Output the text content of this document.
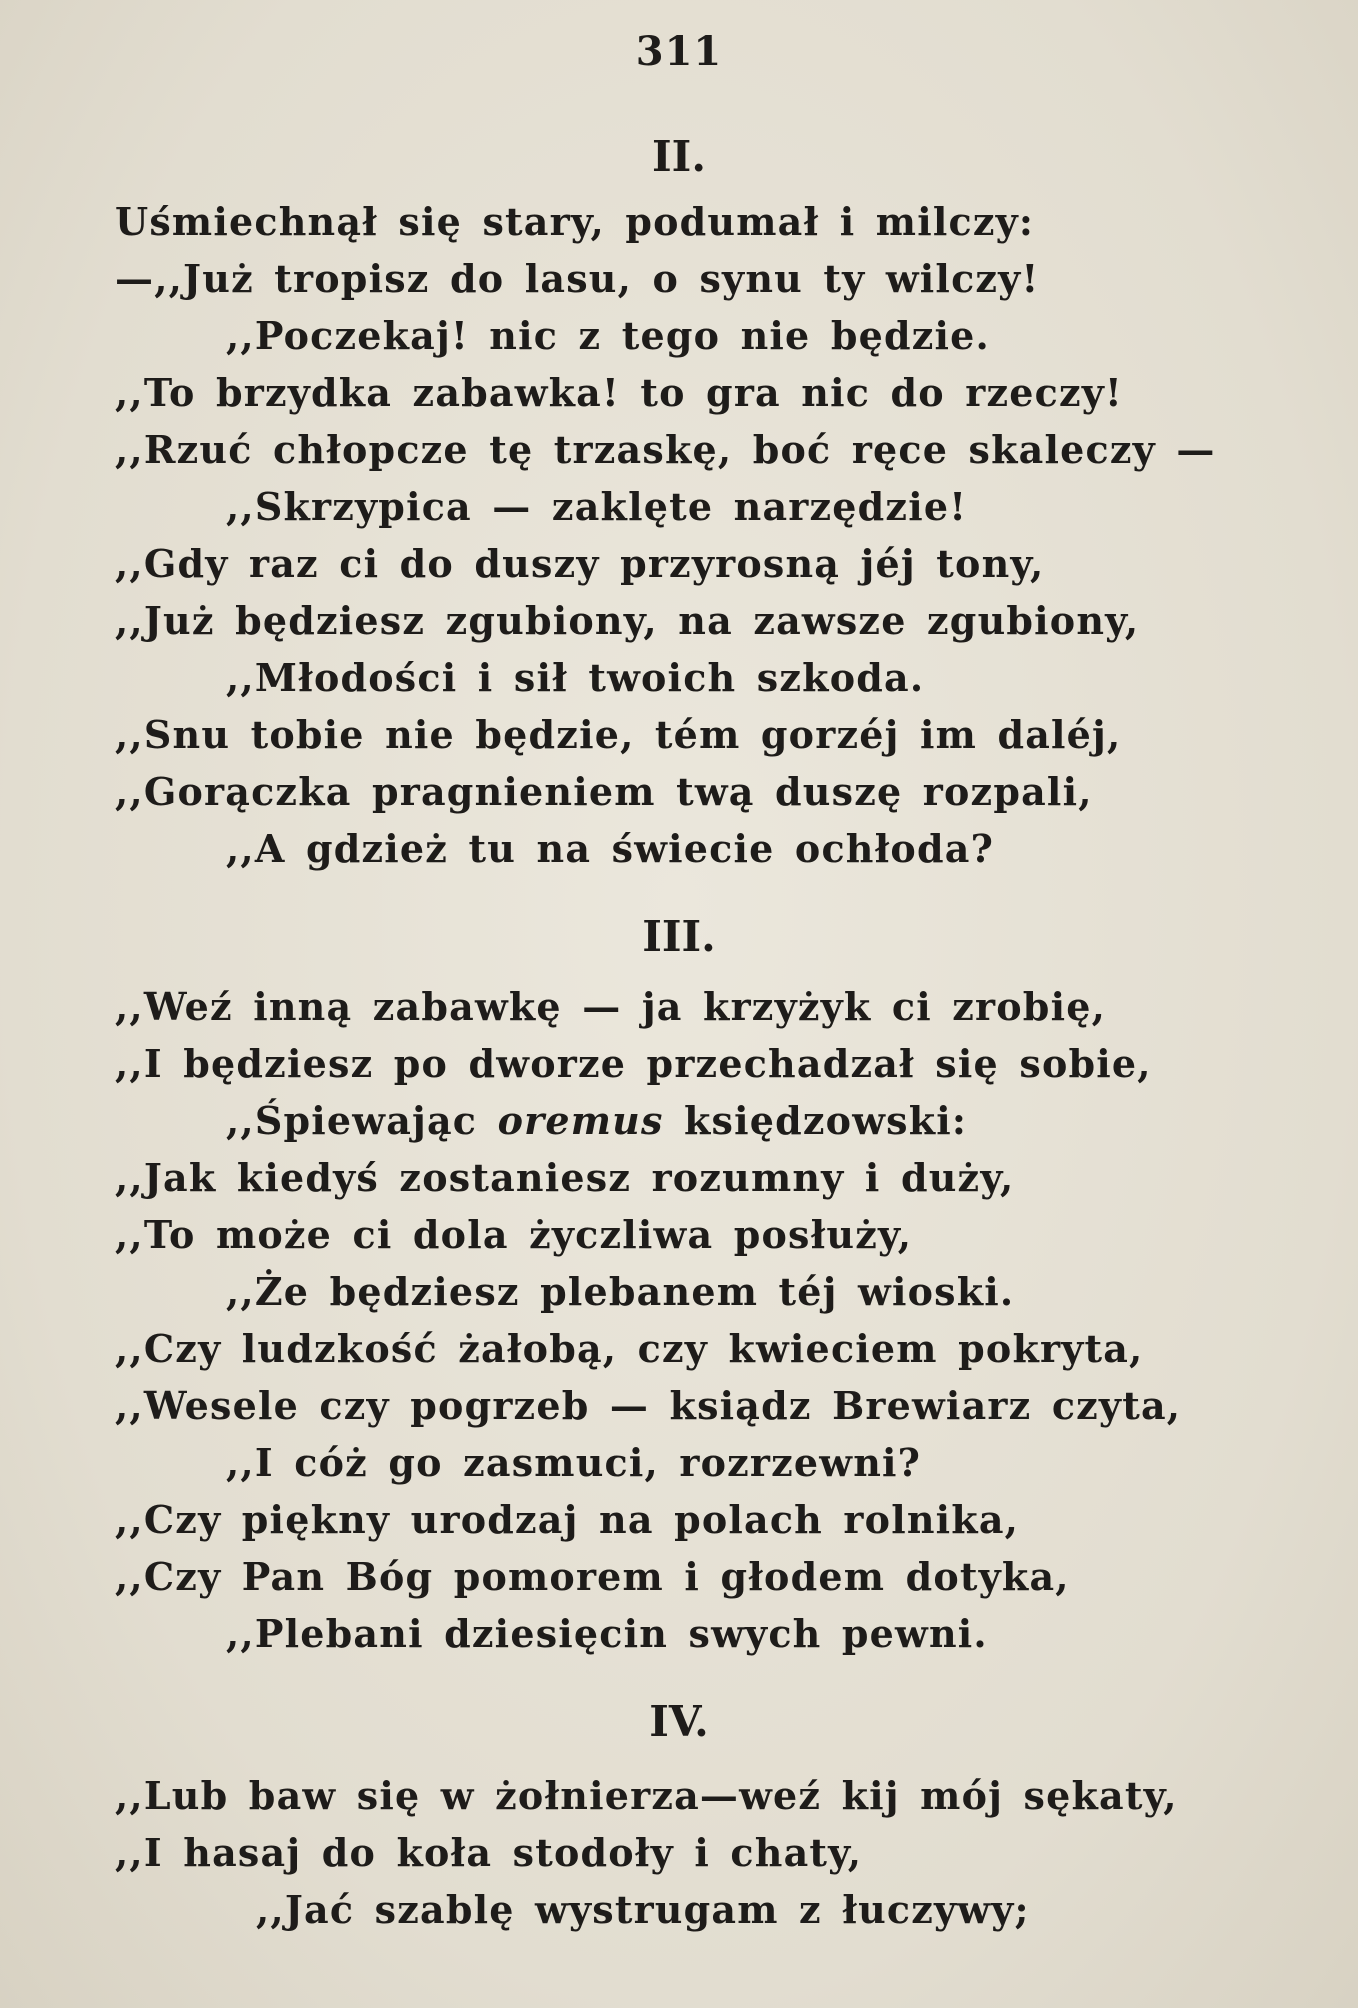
311
II.
Uśmiechnął się stary, podumał i milczy:
—,,Już tropisz do lasu, o synu ty wilczy!
,,Poczekaj! nic z tego nie będzie.
,,To brzydka zabawka! to gra nic do rzeczy!
,,Rzuć chłopcze tę trzaskę, boć ręce skaleczy —
,,Skrzypica — zaklęte narzędzie!
,,Gdy raz ci do duszy przyrosną jéj tony,
,,Już będziesz zgubiony, na zawsze zgubiony,
,,Młodości i sił twoich szkoda.
,,Snu tobie nie będzie, tém gorzéj im daléj,
,,Gorączka pragnieniem twą duszę rozpali,
,,A gdzież tu na świecie ochłoda?
III.
,,Weź inną zabawkę — ja krzyżyk ci zrobię,
,,I będziesz po dworze przechadzał się sobie,
,,Śpiewając oremus księdzowski:
,,Jak kiedyś zostaniesz rozumny i duży,
,,To może ci dola życzliwa posłuży,
,,Że będziesz plebanem téj wioski.
,,Czy ludzkość żałobą, czy kwieciem pokryta,
,,Wesele czy pogrzeb — ksiądz Brewiarz czyta,
,,I cóż go zasmuci, rozrzewni?
,,Czy piękny urodzaj na polach rolnika,
,,Czy Pan Bóg pomorem i głodem dotyka,
,,Plebani dziesięcin swych pewni.
IV.
,,Lub baw się w żołnierza—weź kij mój sękaty,
,,I hasaj do koła stodoły i chaty,
,,Jać szablę wystrugam z łuczywy;
